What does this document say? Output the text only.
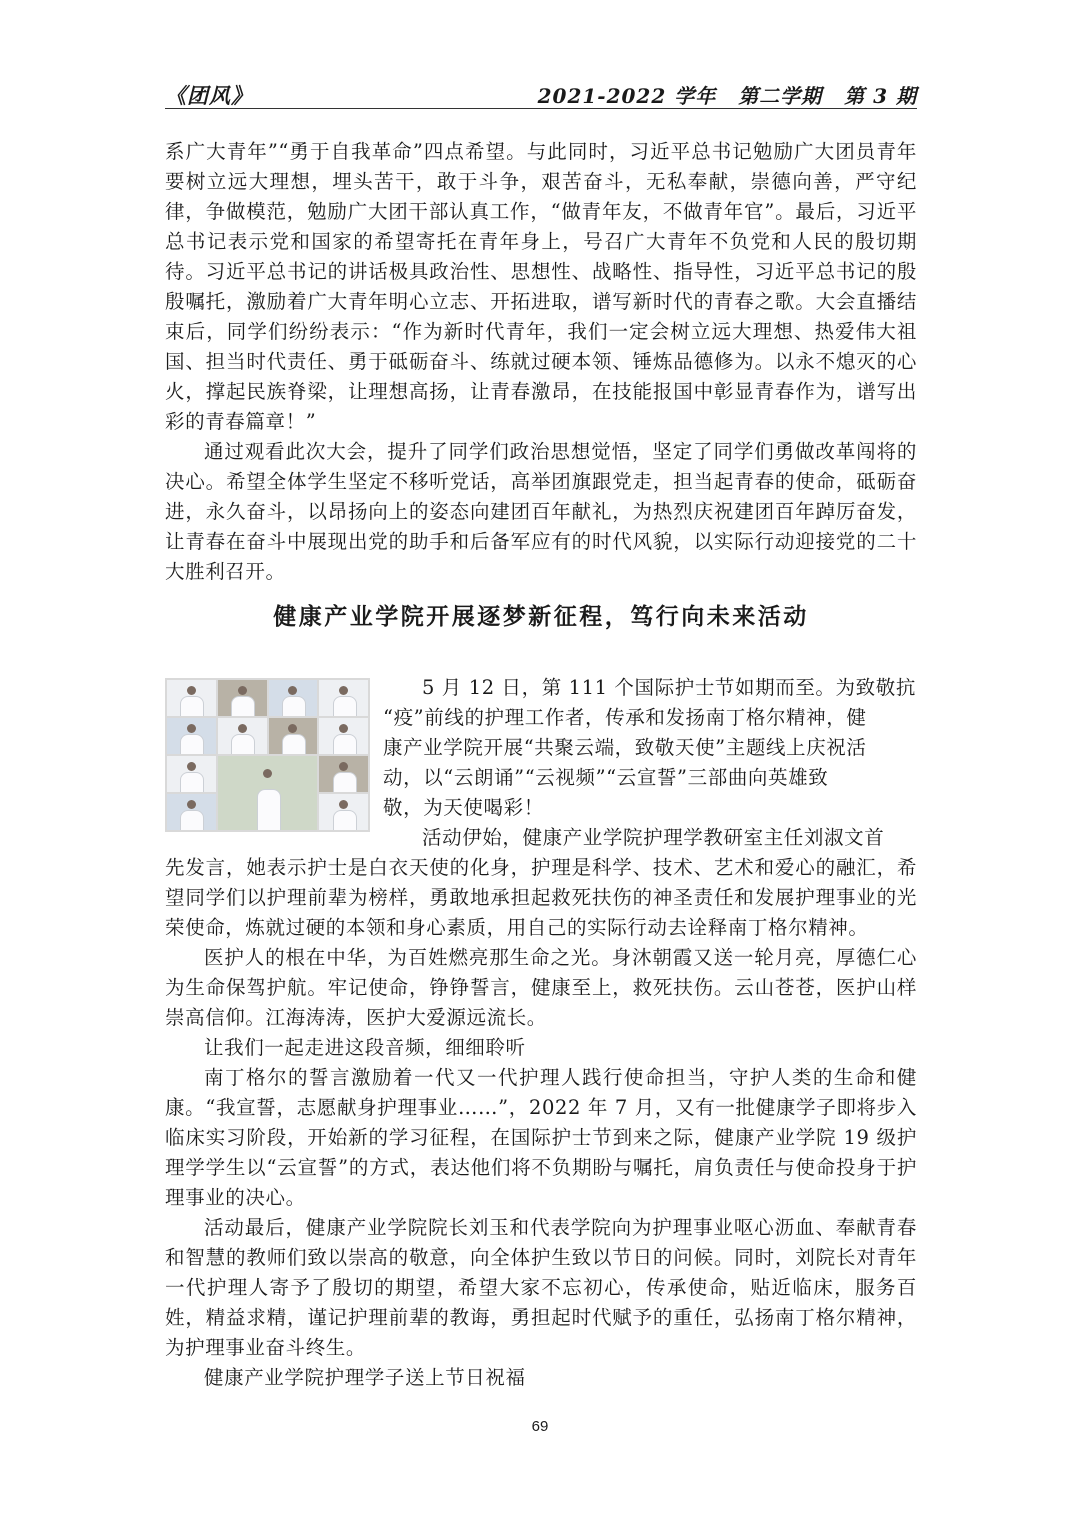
《团风》	2021-2022 学年 第二学期 第 3 期

系广大青年”“勇于自我革命”四点希望。与此同时，习近平总书记勉励广大团员青年要树立远大理想，埋头苦干，敢于斗争，艰苦奋斗，无私奉献，崇德向善，严守纪律，争做模范，勉励广大团干部认真工作，“做青年友，不做青年官”。最后，习近平总书记表示党和国家的希望寄托在青年身上，号召广大青年不负党和人民的殷切期待。习近平总书记的讲话极具政治性、思想性、战略性、指导性，习近平总书记的殷殷嘱托，激励着广大青年明心立志、开拓进取，谱写新时代的青春之歌。大会直播结束后，同学们纷纷表示：“作为新时代青年，我们一定会树立远大理想、热爱伟大祖国、担当时代责任、勇于砥砺奋斗、练就过硬本领、锤炼品德修为。以永不熄灭的心火，撑起民族脊梁，让理想高扬，让青春激昂，在技能报国中彰显青春作为，谱写出彩的青春篇章！”

通过观看此次大会，提升了同学们政治思想觉悟，坚定了同学们勇做改革闯将的决心。希望全体学生坚定不移听党话，高举团旗跟党走，担当起青春的使命，砥砺奋进，永久奋斗，以昂扬向上的姿态向建团百年献礼，为热烈庆祝建团百年踔厉奋发，让青春在奋斗中展现出党的助手和后备军应有的时代风貌，以实际行动迎接党的二十大胜利召开。

健康产业学院开展逐梦新征程，笃行向未来活动
5 月 12 日，第 111 个国际护士节如期而至。为致敬抗
“疫”前线的护理工作者，传承和发扬南丁格尔精神，健
康产业学院开展“共聚云端，致敬天使”主题线上庆祝活
动，以“云朗诵”“云视频”“云宣誓”三部曲向英雄致
敬，为天使喝彩！
活动伊始，健康产业学院护理学教研室主任刘淑文首

先发言，她表示护士是白衣天使的化身，护理是科学、技术、艺术和爱心的融汇，希望同学们以护理前辈为榜样，勇敢地承担起救死扶伤的神圣责任和发展护理事业的光荣使命，炼就过硬的本领和身心素质，用自己的实际行动去诠释南丁格尔精神。

医护人的根在中华，为百姓燃亮那生命之光。身沐朝霞又送一轮月亮，厚德仁心为生命保驾护航。牢记使命，铮铮誓言，健康至上，救死扶伤。云山苍苍，医护山样崇高信仰。江海涛涛，医护大爱源远流长。

让我们一起走进这段音频，细细聆听

南丁格尔的誓言激励着一代又一代护理人践行使命担当，守护人类的生命和健康。“我宣誓，志愿献身护理事业……”，2022 年 7 月，又有一批健康学子即将步入临床实习阶段，开始新的学习征程，在国际护士节到来之际，健康产业学院 19 级护理学学生以“云宣誓”的方式，表达他们将不负期盼与嘱托，肩负责任与使命投身于护理事业的决心。

活动最后，健康产业学院院长刘玉和代表学院向为护理事业呕心沥血、奉献青春和智慧的教师们致以崇高的敬意，向全体护生致以节日的问候。同时，刘院长对青年一代护理人寄予了殷切的期望，希望大家不忘初心，传承使命，贴近临床，服务百姓，精益求精，谨记护理前辈的教诲，勇担起时代赋予的重任，弘扬南丁格尔精神，为护理事业奋斗终生。

健康产业学院护理学子送上节日祝福

69
